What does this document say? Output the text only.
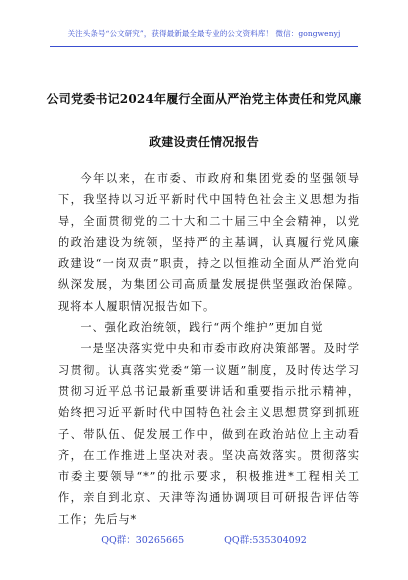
关注头条号“公文研究”，获得最新最全最专业的公文资料库！ 微信：gongwenyj
公司党委书记2024年履行全面从严治党主体责任和党风廉
政建设责任情况报告

今年以来，在市委、市政府和集团党委的坚强领导下，我坚持以习近平新时代中国特色社会主义思想为指导，全面贯彻党的二十大和二十届三中全会精神，以党的政治建设为统领，坚持严的主基调，认真履行党风廉政建设“一岗双责”职责，持之以恒推动全面从严治党向纵深发展，为集团公司高质量发展提供坚强政治保障。现将本人履职情况报告如下。

一、强化政治统领，践行“两个维护”更加自觉

一是坚决落实党中央和市委市政府决策部署。及时学习贯彻。认真落实党委“第一议题”制度，及时传达学习贯彻习近平总书记最新重要讲话和重要指示批示精神，始终把习近平新时代中国特色社会主义思想贯穿到抓班子、带队伍、促发展工作中，做到在政治站位上主动看齐，在工作推进上坚决对表。坚决高效落实。贯彻落实市委主要领导“*”的批示要求，积极推进*工程相关工作，亲自到北京、天津等沟通协调项目可研报告评估等工作；先后与*

QQ群：30265665	QQ群:535304092
